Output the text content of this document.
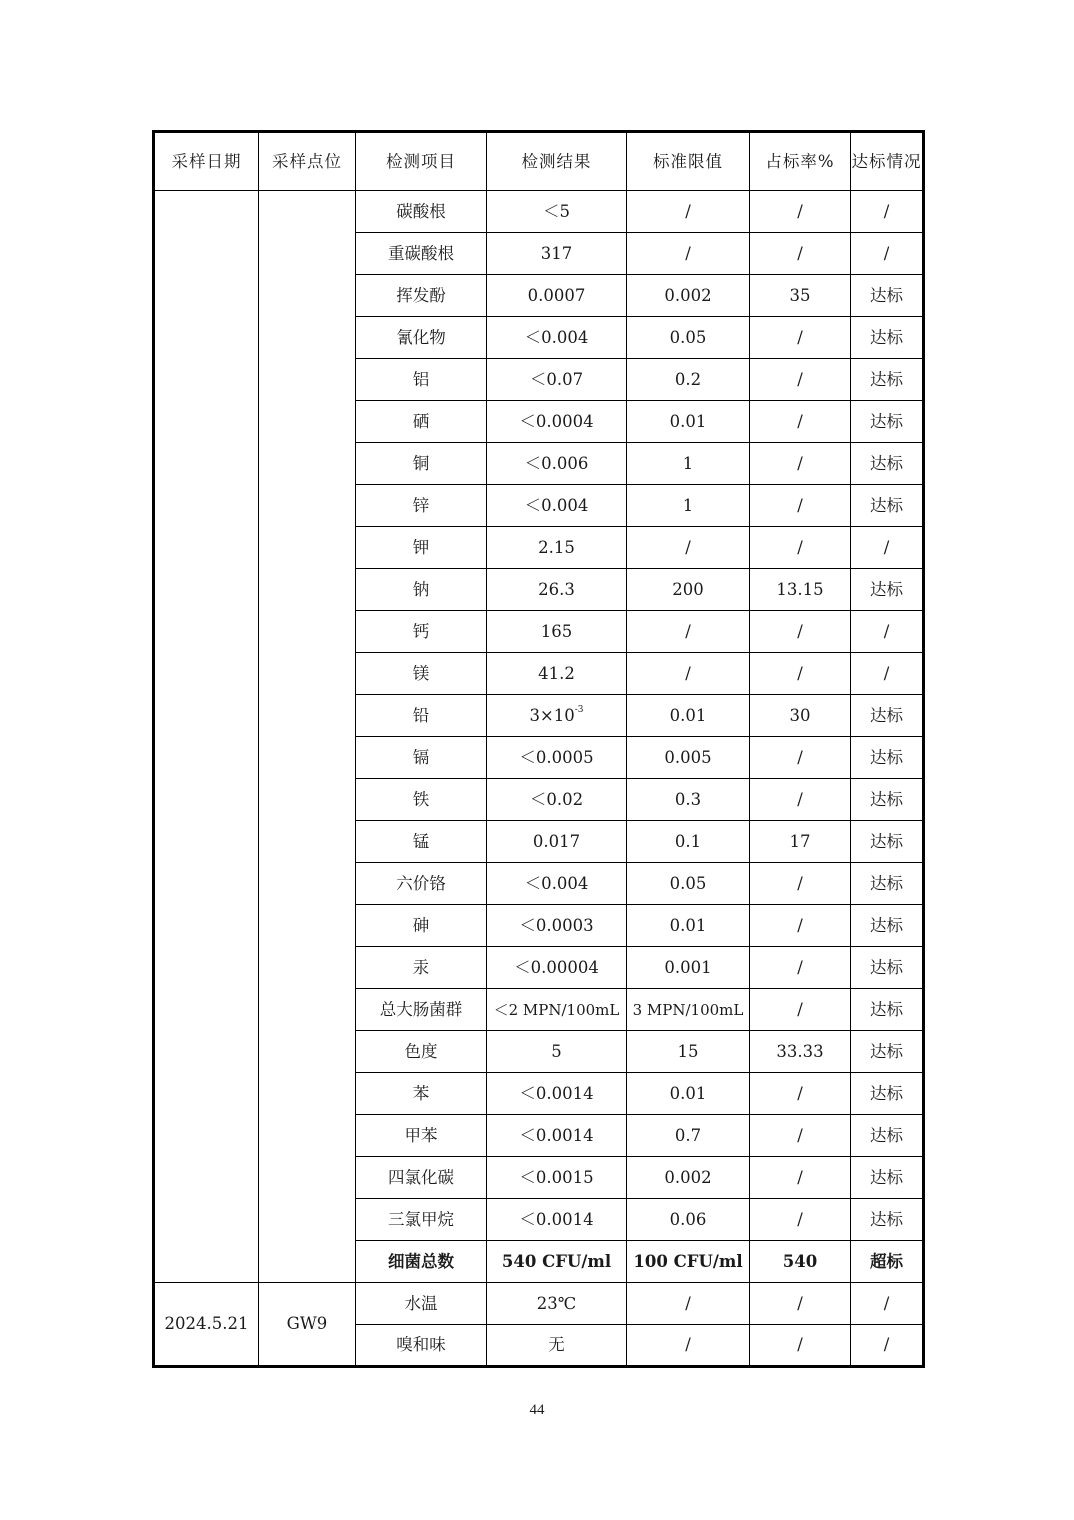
采样日期	采样点位	检测项目	检测结果	标准限值	占标率%	达标情况
		碳酸根	＜5	/	/	/
		重碳酸根	317	/	/	/
		挥发酚	0.0007	0.002	35	达标
		氰化物	＜0.004	0.05	/	达标
		铝	＜0.07	0.2	/	达标
		硒	＜0.0004	0.01	/	达标
		铜	＜0.006	1	/	达标
		锌	＜0.004	1	/	达标
		钾	2.15	/	/	/
		钠	26.3	200	13.15	达标
		钙	165	/	/	/
		镁	41.2	/	/	/
		铅	$3\times 10^{-3}$	0.01	30	达标
		镉	＜0.0005	0.005	/	达标
		铁	＜0.02	0.3	/	达标
		锰	0.017	0.1	17	达标
		六价铬	＜0.004	0.05	/	达标
		砷	＜0.0003	0.01	/	达标
		汞	＜0.00004	0.001	/	达标
		总大肠菌群	＜2 MPN/100mL	3 MPN/100mL	/	达标
		色度	5	15	33.33	达标
		苯	＜0.0014	0.01	/	达标
		甲苯	＜0.0014	0.7	/	达标
		四氯化碳	＜0.0015	0.002	/	达标
		三氯甲烷	＜0.0014	0.06	/	达标
		细菌总数	540 CFU/ml	100 CFU/ml	540	超标
2024.5.21	GW9	水温	23℃	/	/	/
		嗅和味	无	/	/	/
44
